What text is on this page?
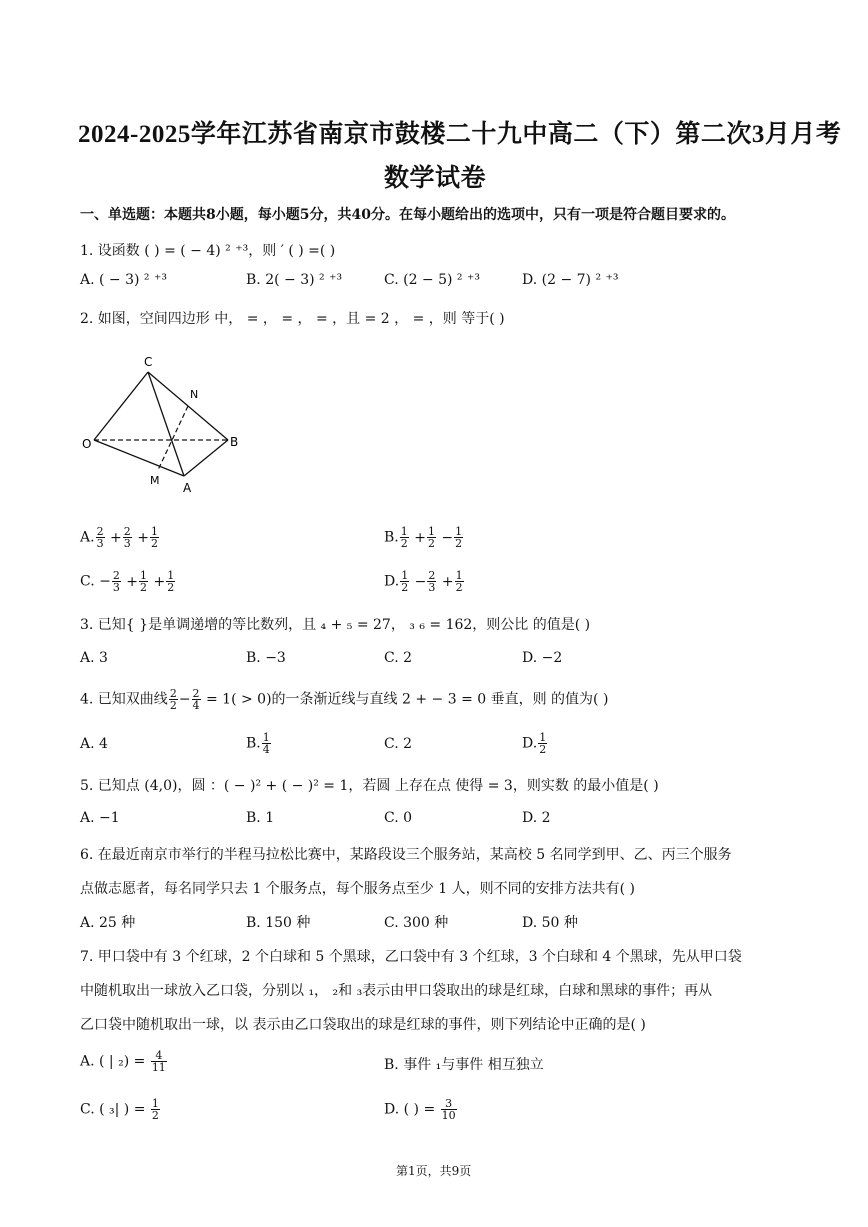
2024-2025学年江苏省南京市鼓楼二十九中高二（下）第二次3月月考
数学试卷
一、单选题：本题共8小题，每小题5分，共40分。在每小题给出的选项中，只有一项是符合题目要求的。
1. 设函数 ( ) = ( − 4) ² ⁺³，则 ′ ( ) =( )
A. ( − 3) ² ⁺³	B. 2( − 3) ² ⁺³	C. (2 − 5) ² ⁺³	D. (2 − 7) ² ⁺³
2. 如图，空间四边形 中， = ， = ， = ，且 = 2 ， = ，则 等于( )
C
N
O	B
M
A
A. $\frac{2}{3} + \frac{2}{3} + \frac{1}{2}$	B. $\frac{1}{2} + \frac{1}{2} - \frac{1}{2}$
C. − $\frac{2}{3} + \frac{1}{2} + \frac{1}{2}$	D. $\frac{1}{2} - \frac{2}{3} + \frac{1}{2}$
3. 已知{ }是单调递增的等比数列，且 ₄ + ₅ = 27， ₃ ₆ = 162，则公比 的值是( )
A. 3	B. −3	C. 2	D. −2
4. 已知双曲线 $\frac{2}{2} - \frac{2}{4} = 1( > 0)$的一条渐近线与直线 2 + − 3 = 0 垂直，则 的值为( )
A. 4	B. $\frac{1}{4}$	C. 2	D. $\frac{1}{2}$
5. 已知点 (4,0)，圆 ：( − )² + ( − )² = 1，若圆 上存在点 使得 = 3，则实数 的最小值是( )
A. −1	B. 1	C. 0	D. 2
6. 在最近南京市举行的半程马拉松比赛中，某路段设三个服务站，某高校 5 名同学到甲、乙、丙三个服务
点做志愿者，每名同学只去 1 个服务点，每个服务点至少 1 人，则不同的安排方法共有( )
A. 25 种	B. 150 种	C. 300 种	D. 50 种
7. 甲口袋中有 3 个红球，2 个白球和 5 个黑球，乙口袋中有 3 个红球，3 个白球和 4 个黑球，先从甲口袋
中随机取出一球放入乙口袋，分别以 ₁， ₂和 ₃表示由甲口袋取出的球是红球，白球和黑球的事件；再从
乙口袋中随机取出一球，以 表示由乙口袋取出的球是红球的事件，则下列结论中正确的是( )
A. ( | $_2) = \frac{4}{11}$	B. 事件 ₁与事件 相互独立
C. ( ₃| ) = $\frac{1}{2}$	D. ( ) = $\frac{3}{10}$
第1页，共9页
